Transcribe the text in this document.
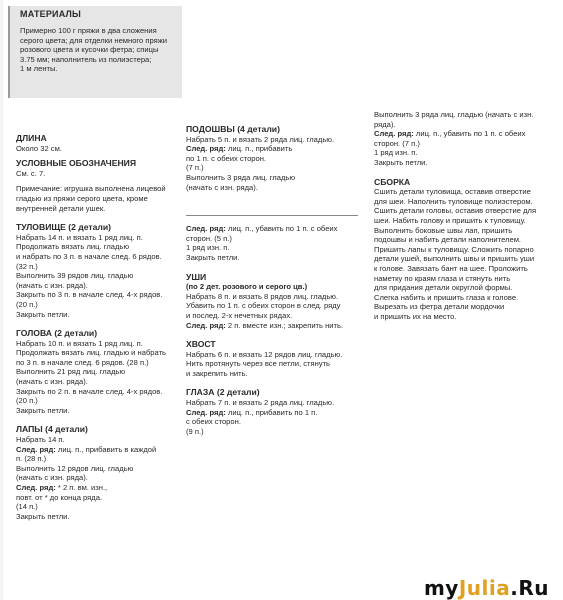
МАТЕРИАЛЫ
Примерно 100 г пряжи в два сложения
серого цвета; для отделки немного пряжи
розового цвета и кусочки фетра; спицы
3.75 мм; наполнитель из полиэстера;
1 м ленты.
ДЛИНА
Около 32 см.
УСЛОВНЫЕ ОБОЗНАЧЕНИЯ
См. с. 7.
Примечание: игрушка выполнена лицевой
гладью из пряжи серого цвета, кроме
внутренней детали ушек.
ТУЛОВИЩЕ (2 детали)
Набрать 14 п. и вязать 1 ряд лиц. п.
Продолжать вязать лиц. гладью
и набрать по 3 п. в начале след. 6 рядов.
(32 п.)
Выполнить 39 рядов лиц. гладью
(начать с изн. ряда).
Закрыть по 3 п. в начале след. 4-х рядов.
(20 п.)
Закрыть петли.
ГОЛОВА (2 детали)
Набрать 10 п. и вязать 1 ряд лиц. п.
Продолжать вязать лиц. гладью и набрать
по 3 п. в начале след. 6 рядов. (28 п.)
Выполнить 21 ряд лиц. гладью
(начать с изн. ряда).
Закрыть по 2 п. в начале след. 4-х рядов.
(20 п.)
Закрыть петли.
ЛАПЫ (4 детали)
Набрать 14 п.
След. ряд: лиц. п., прибавить в каждой
п. (28 п.)
Выполнить 12 рядов лиц. гладью
(начать с изн. ряда).
След. ряд: * 2 п. вм. изн.,
повт. от * до конца ряда.
(14 п.)
Закрыть петли.
ПОДОШВЫ (4 детали)
Набрать 5 п. и вязать 2 ряда лиц. гладью.
След. ряд: лиц. п., прибавить
по 1 п. с обеих сторон.
(7 п.)
Выполнить 3 ряда лиц. гладью
(начать с изн. ряда).
След. ряд: лиц. п., убавить по 1 п. с обеих
сторон. (5 п.)
1 ряд изн. п.
Закрыть петли.
УШИ
(по 2 дет. розового и серого цв.)
Набрать 8 п. и вязать 8 рядов лиц. гладью.
Убавить по 1 п. с обеих сторон в след. ряду
и послед. 2-х нечетных рядах.
След. ряд: 2 п. вместе изн.; закрепить нить.
ХВОСТ
Набрать 6 п. и вязать 12 рядов лиц. гладью.
Нить протянуть через все петли, стянуть
и закрепить нить.
ГЛАЗА (2 детали)
Набрать 7 п. и вязать 2 ряда лиц. гладью.
След. ряд: лиц. п., прибавить по 1 п.
с обеих сторон.
(9 п.)
Выполнить 3 ряда лиц. гладью (начать с изн.
ряда).
След. ряд: лиц. п., убавить по 1 п. с обеих
сторон. (7 п.)
1 ряд изн. п.
Закрыть петли.
СБОРКА
Сшить детали туловища, оставив отверстие
для шеи. Наполнить туловище полиэстером.
Сшить детали головы, оставив отверстие для
шеи. Набить голову и пришить к туловищу.
Выполнить боковые швы лап, пришить
подошвы и набить детали наполнителем.
Пришить лапы к туловищу. Сложить попарно
детали ушей, выполнить швы и пришить уши
к голове. Завязать бант на шее. Проложить
наметку по краям глаза и стянуть нить
для придания детали округлой формы.
Слегка набить и пришить глаза к голове.
Вырезать из фетра детали мордочки
и пришить их на место.
myJulia.Ru
